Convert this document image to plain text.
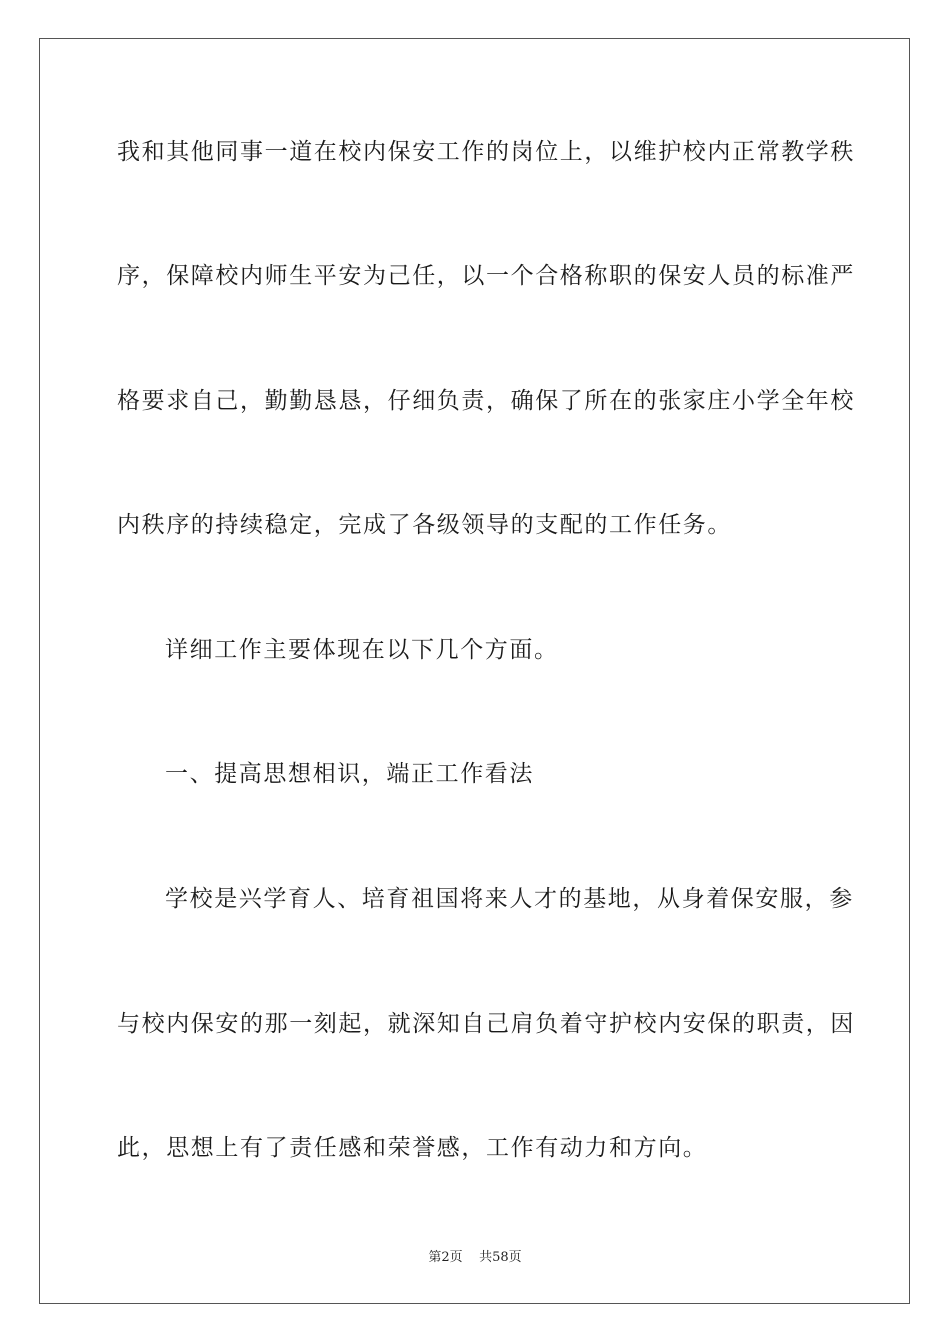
我和其他同事一道在校内保安工作的岗位上，以维护校内正常教学秩
序，保障校内师生平安为己任，以一个合格称职的保安人员的标准严
格要求自己，勤勤恳恳，仔细负责，确保了所在的张家庄小学全年校
内秩序的持续稳定，完成了各级领导的支配的工作任务。
详细工作主要体现在以下几个方面。
一、提高思想相识，端正工作看法
学校是兴学育人、培育祖国将来人才的基地，从身着保安服，参
与校内保安的那一刻起，就深知自己肩负着守护校内安保的职责，因
此，思想上有了责任感和荣誉感，工作有动力和方向。
第2页    共58页
